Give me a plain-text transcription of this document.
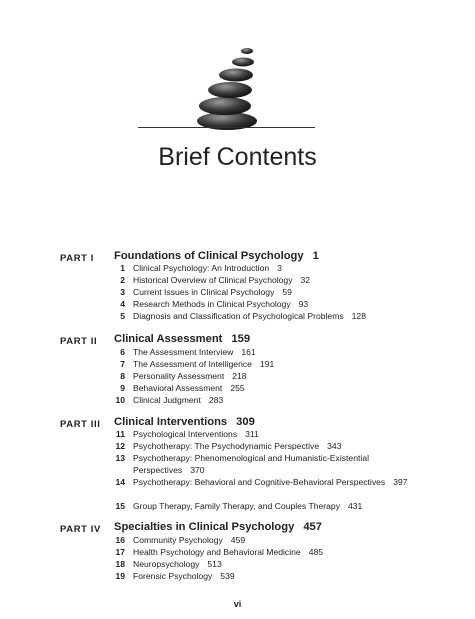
Brief Contents
PART I Foundations of Clinical Psychology 1
1 Clinical Psychology: An Introduction 3
2 Historical Overview of Clinical Psychology 32
3 Current Issues in Clinical Psychology 59
4 Research Methods in Clinical Psychology 93
5 Diagnosis and Classification of Psychological Problems 128
PART II Clinical Assessment 159
6 The Assessment Interview 161
7 The Assessment of Intelligence 191
8 Personality Assessment 218
9 Behavioral Assessment 255
10 Clinical Judgment 283
PART III Clinical Interventions 309
11 Psychological Interventions 311
12 Psychotherapy: The Psychodynamic Perspective 343
13 Psychotherapy: Phenomenological and Humanistic-Existential Perspectives 370
14 Psychotherapy: Behavioral and Cognitive-Behavioral Perspectives 397
15 Group Therapy, Family Therapy, and Couples Therapy 431
PART IV Specialties in Clinical Psychology 457
16 Community Psychology 459
17 Health Psychology and Behavioral Medicine 485
18 Neuropsychology 513
19 Forensic Psychology 539
vi
